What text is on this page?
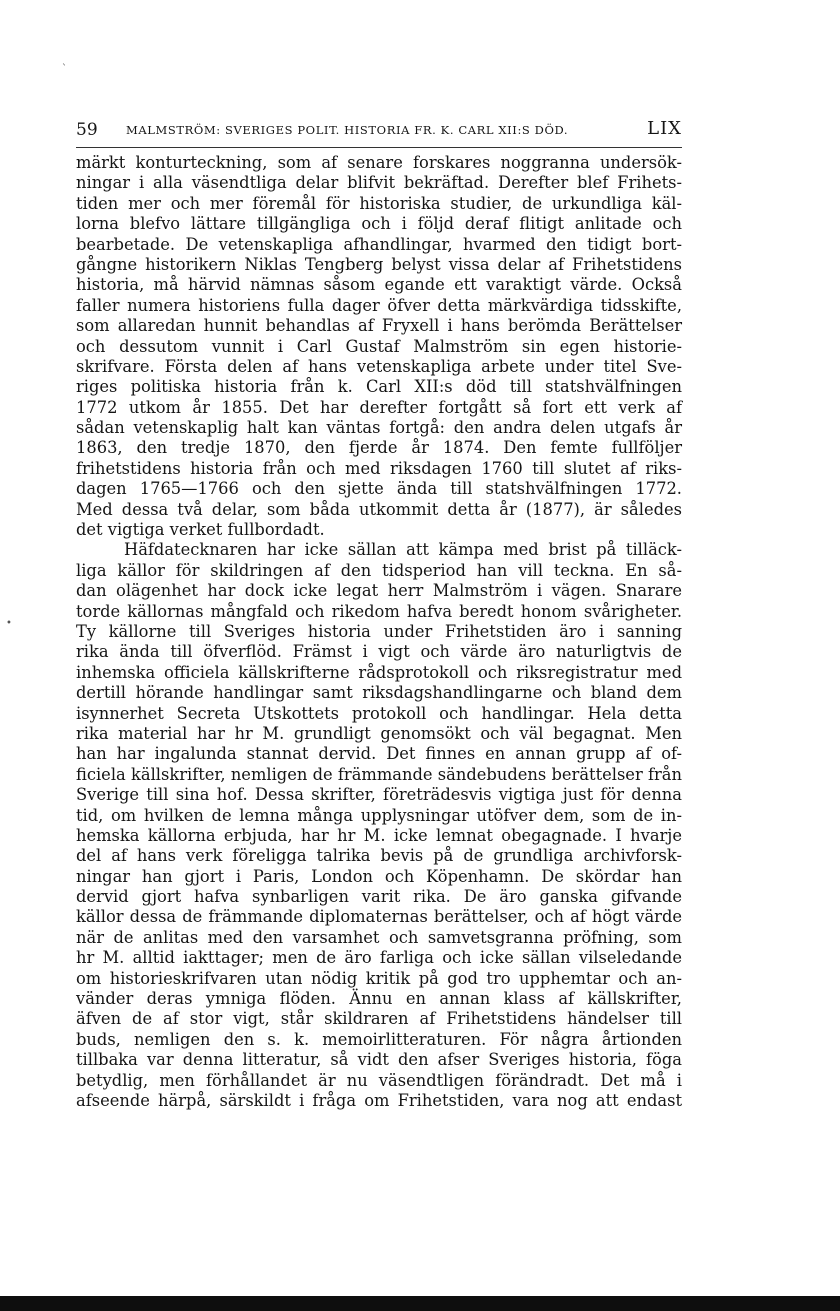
`
•
59 MALMSTRÖM: SVERIGES POLIT. HISTORIA FR. K. CARL XII:S DÖD.	LIX
märkt konturteckning, som af senare forskares noggranna undersök-
ningar i alla väsendtliga delar blifvit bekräftad. Derefter blef Frihets-
tiden mer och mer föremål för historiska studier, de urkundliga käl-
lorna blefvo lättare tillgängliga och i följd deraf flitigt anlitade och
bearbetade. De vetenskapliga afhandlingar, hvarmed den tidigt bort-
gångne historikern Niklas Tengberg belyst vissa delar af Frihetstidens
historia, må härvid nämnas såsom egande ett varaktigt värde. Också
faller numera historiens fulla dager öfver detta märkvärdiga tidsskifte,
som allaredan hunnit behandlas af Fryxell i hans berömda Berättelser
och dessutom vunnit i Carl Gustaf Malmström sin egen historie-
skrifvare. Första delen af hans vetenskapliga arbete under titel Sve-
riges politiska historia från k. Carl XII:s död till statshvälfningen
1772 utkom år 1855. Det har derefter fortgått så fort ett verk af
sådan vetenskaplig halt kan väntas fortgå: den andra delen utgafs år
1863, den tredje 1870, den fjerde år 1874. Den femte fullföljer
frihetstidens historia från och med riksdagen 1760 till slutet af riks-
dagen 1765—1766 och den sjette ända till statshvälfningen 1772.
Med dessa två delar, som båda utkommit detta år (1877), är således
det vigtiga verket fullbordadt.
Häfdatecknaren har icke sällan att kämpa med brist på tilläck-
liga källor för skildringen af den tidsperiod han vill teckna. En så-
dan olägenhet har dock icke legat herr Malmström i vägen. Snarare
torde källornas mångfald och rikedom hafva beredt honom svårigheter.
Ty källorne till Sveriges historia under Frihetstiden äro i sanning
rika ända till öfverflöd. Främst i vigt och värde äro naturligtvis de
inhemska officiela källskrifterne rådsprotokoll och riksregistratur med
dertill hörande handlingar samt riksdagshandlingarne och bland dem
isynnerhet Secreta Utskottets protokoll och handlingar. Hela detta
rika material har hr M. grundligt genomsökt och väl begagnat. Men
han har ingalunda stannat dervid. Det finnes en annan grupp af of-
ficiela källskrifter, nemligen de främmande sändebudens berättelser från
Sverige till sina hof. Dessa skrifter, företrädesvis vigtiga just för denna
tid, om hvilken de lemna många upplysningar utöfver dem, som de in-
hemska källorna erbjuda, har hr M. icke lemnat obegagnade. I hvarje
del af hans verk föreligga talrika bevis på de grundliga archivforsk-
ningar han gjort i Paris, London och Köpenhamn. De skördar han
dervid gjort hafva synbarligen varit rika. De äro ganska gifvande
källor dessa de främmande diplomaternas berättelser, och af högt värde
när de anlitas med den varsamhet och samvetsgranna pröfning, som
hr M. alltid iakttager; men de äro farliga och icke sällan vilseledande
om historieskrifvaren utan nödig kritik på god tro upphemtar och an-
vänder deras ymniga flöden. Ännu en annan klass af källskrifter,
äfven de af stor vigt, står skildraren af Frihetstidens händelser till
buds, nemligen den s. k. memoirlitteraturen. För några årtionden
tillbaka var denna litteratur, så vidt den afser Sveriges historia, föga
betydlig, men förhållandet är nu väsendtligen förändradt. Det må i
afseende härpå, särskildt i fråga om Frihetstiden, vara nog att endast
